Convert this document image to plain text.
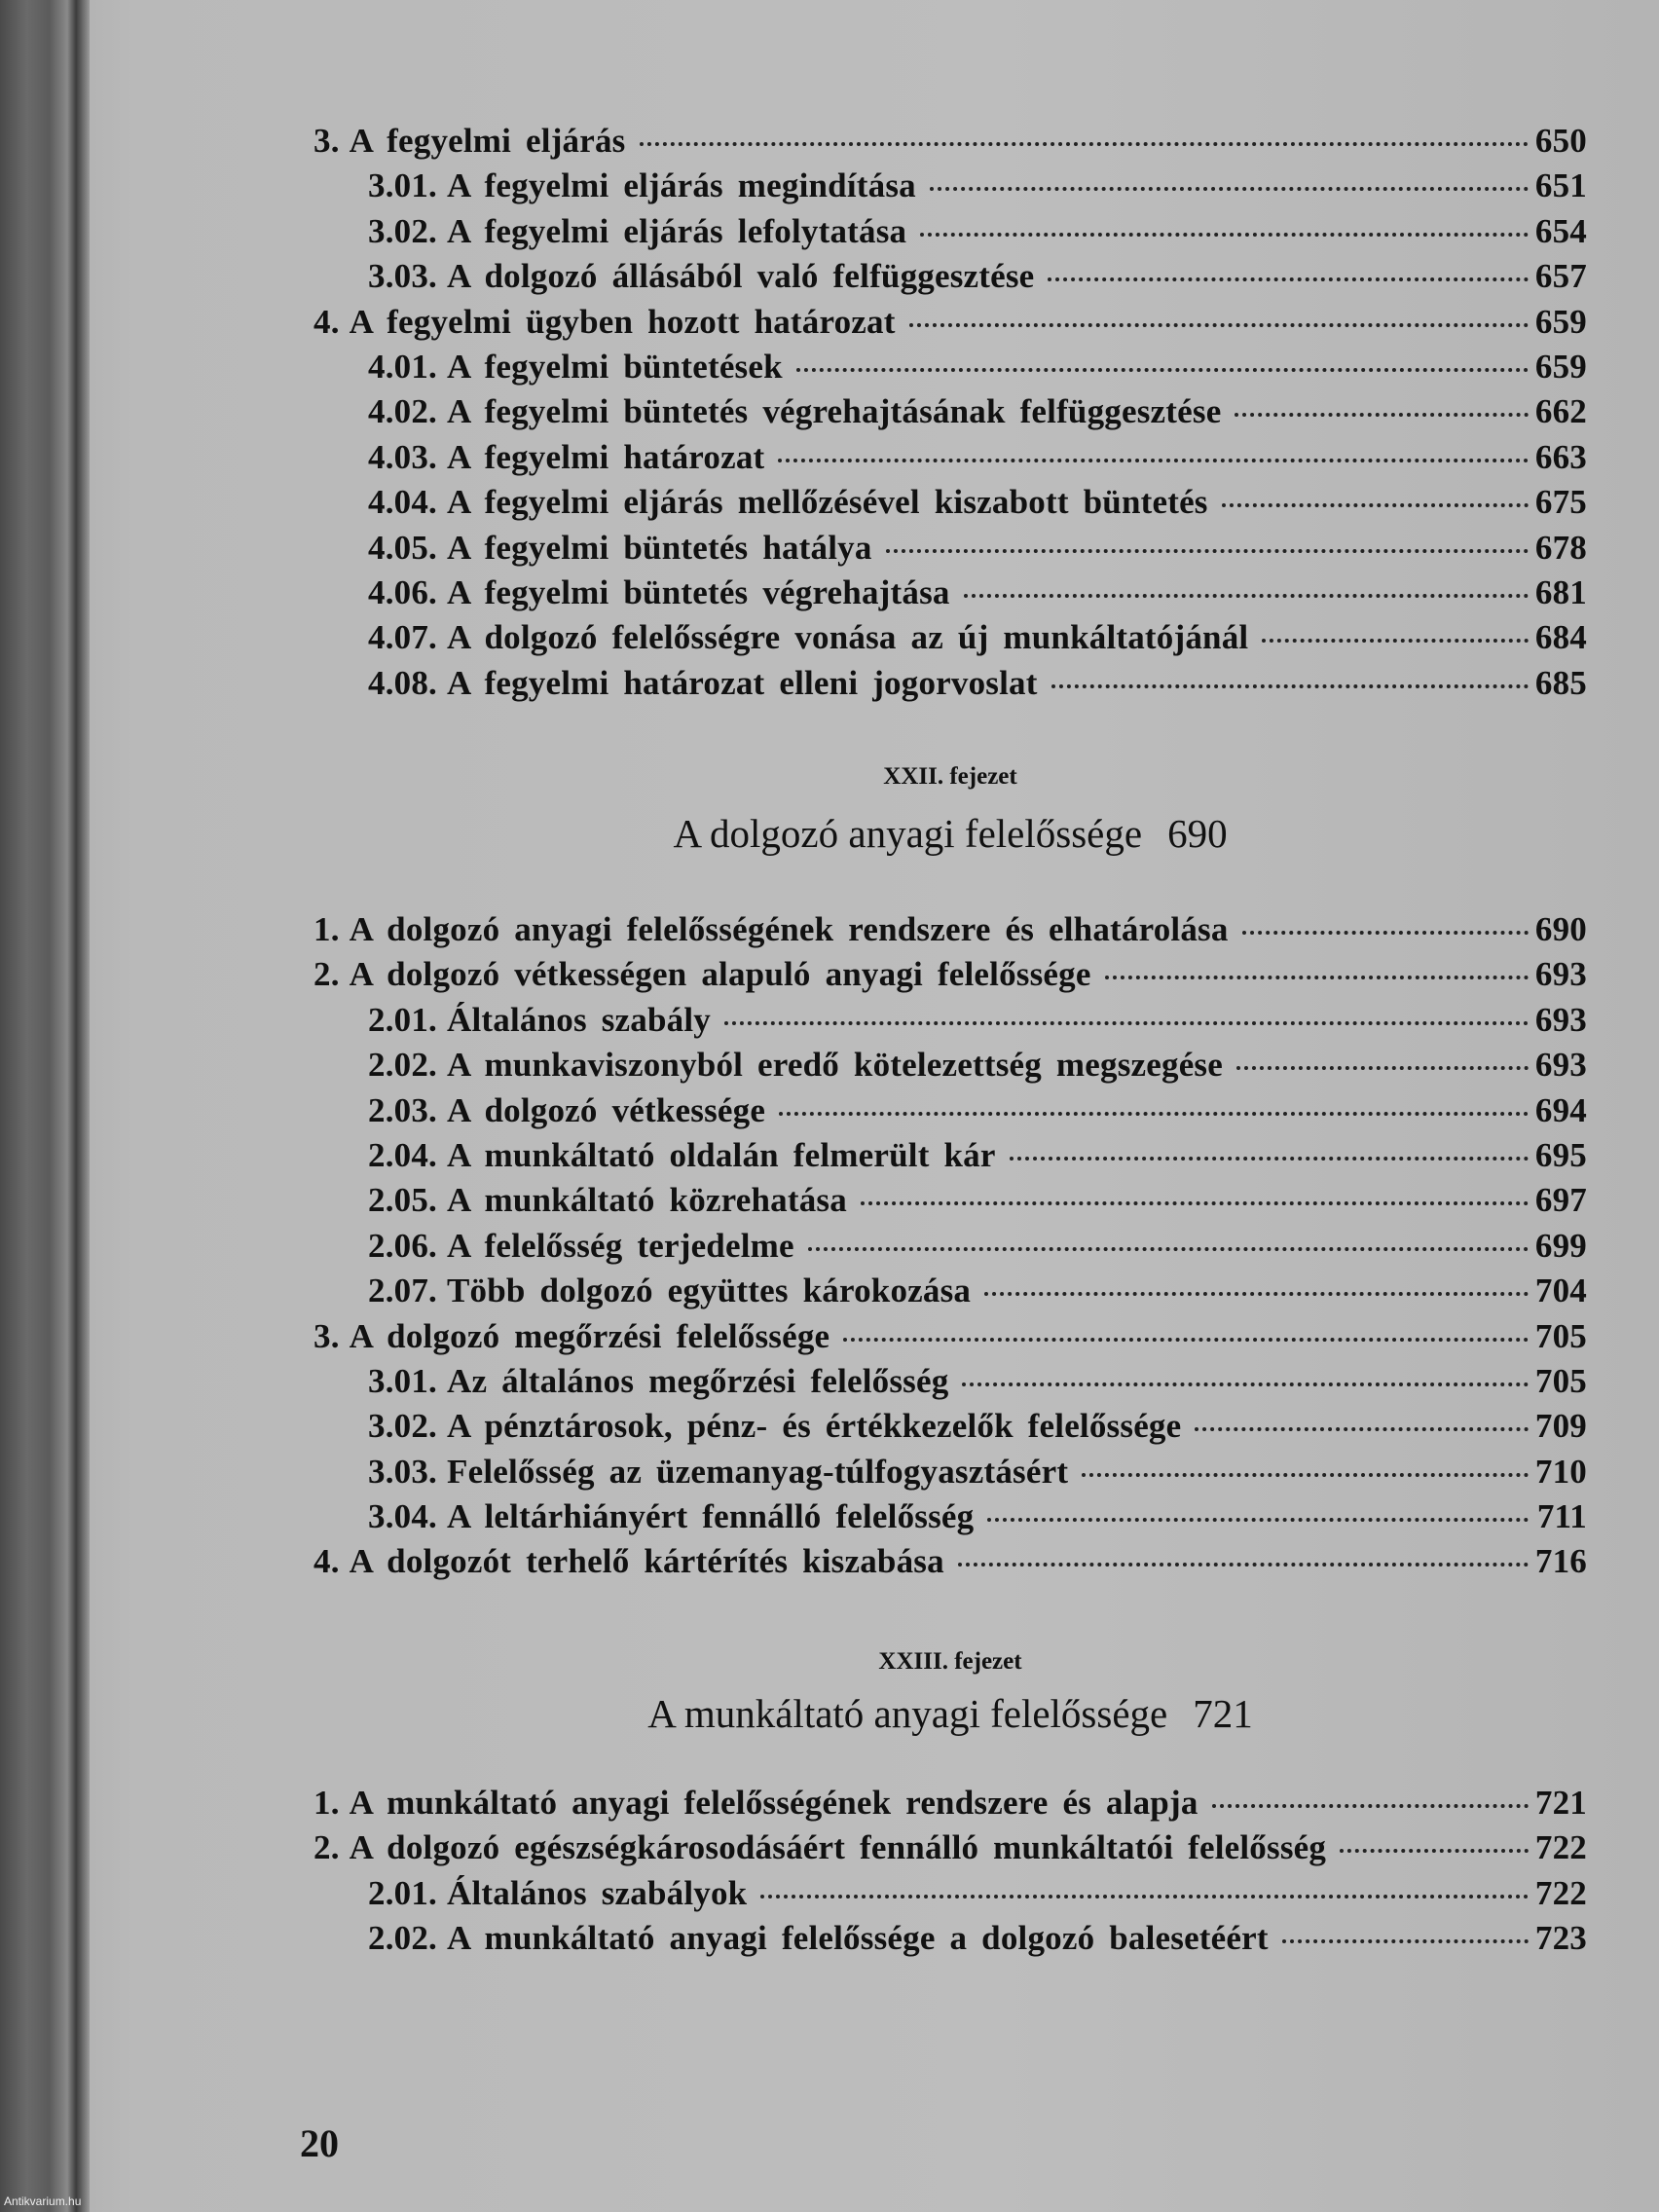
3. A fegyelmi eljárás	650
3.01. A fegyelmi eljárás megindítása	651
3.02. A fegyelmi eljárás lefolytatása	654
3.03. A dolgozó állásából való felfüggesztése	657
4. A fegyelmi ügyben hozott határozat	659
4.01. A fegyelmi büntetések	659
4.02. A fegyelmi büntetés végrehajtásának felfüggesztése	662
4.03. A fegyelmi határozat	663
4.04. A fegyelmi eljárás mellőzésével kiszabott büntetés	675
4.05. A fegyelmi büntetés hatálya	678
4.06. A fegyelmi büntetés végrehajtása	681
4.07. A dolgozó felelősségre vonása az új munkáltatójánál	684
4.08. A fegyelmi határozat elleni jogorvoslat	685
XXII. fejezet
A dolgozó anyagi felelőssége 690
1. A dolgozó anyagi felelősségének rendszere és elhatárolása	690
2. A dolgozó vétkességen alapuló anyagi felelőssége	693
2.01. Általános szabály	693
2.02. A munkaviszonyból eredő kötelezettség megszegése	693
2.03. A dolgozó vétkessége	694
2.04. A munkáltató oldalán felmerült kár	695
2.05. A munkáltató közrehatása	697
2.06. A felelősség terjedelme	699
2.07. Több dolgozó együttes károkozása	704
3. A dolgozó megőrzési felelőssége	705
3.01. Az általános megőrzési felelősség	705
3.02. A pénztárosok, pénz- és értékkezelők felelőssége	709
3.03. Felelősség az üzemanyag-túlfogyasztásért	710
3.04. A leltárhiányért fennálló felelősség	711
4. A dolgozót terhelő kártérítés kiszabása	716
XXIII. fejezet
A munkáltató anyagi felelőssége 721
1. A munkáltató anyagi felelősségének rendszere és alapja	721
2. A dolgozó egészségkárosodásáért fennálló munkáltatói felelősség	722
2.01. Általános szabályok	722
2.02. A munkáltató anyagi felelőssége a dolgozó balesetéért	723
20
Antikvarium.hu
